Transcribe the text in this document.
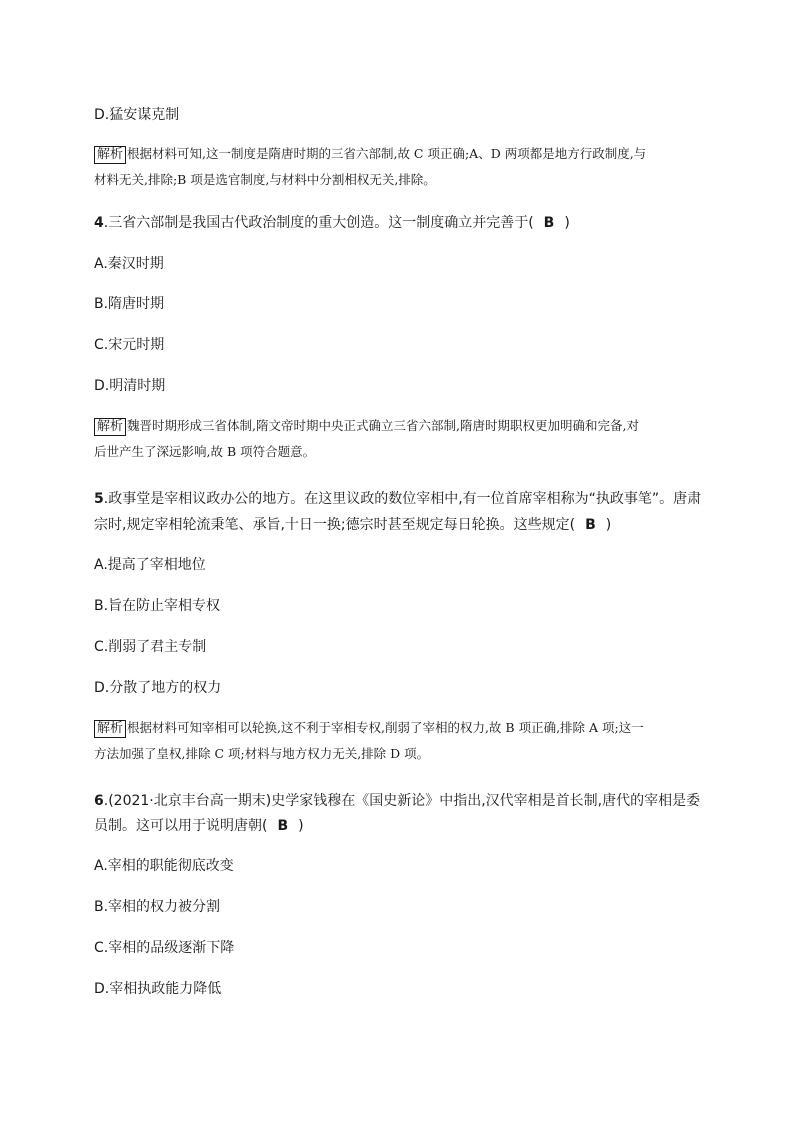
D.猛安谋克制
解析 根据材料可知,这一制度是隋唐时期的三省六部制,故 C 项正确;A、D 两项都是地方行政制度,与
材料无关,排除;B 项是选官制度,与材料中分割相权无关,排除。
4.三省六部制是我国古代政治制度的重大创造。这一制度确立并完善于( B )
A.秦汉时期
B.隋唐时期
C.宋元时期
D.明清时期
解析 魏晋时期形成三省体制,隋文帝时期中央正式确立三省六部制,隋唐时期职权更加明确和完备,对
后世产生了深远影响,故 B 项符合题意。
5.政事堂是宰相议政办公的地方。在这里议政的数位宰相中,有一位首席宰相称为“执政事笔”。唐肃
宗时,规定宰相轮流秉笔、承旨,十日一换;德宗时甚至规定每日轮换。这些规定( B )
A.提高了宰相地位
B.旨在防止宰相专权
C.削弱了君主专制
D.分散了地方的权力
解析 根据材料可知宰相可以轮换,这不利于宰相专权,削弱了宰相的权力,故 B 项正确,排除 A 项;这一
方法加强了皇权,排除 C 项;材料与地方权力无关,排除 D 项。
6.(2021·北京丰台高一期末)史学家钱穆在《国史新论》中指出,汉代宰相是首长制,唐代的宰相是委
员制。这可以用于说明唐朝( B )
A.宰相的职能彻底改变
B.宰相的权力被分割
C.宰相的品级逐渐下降
D.宰相执政能力降低
